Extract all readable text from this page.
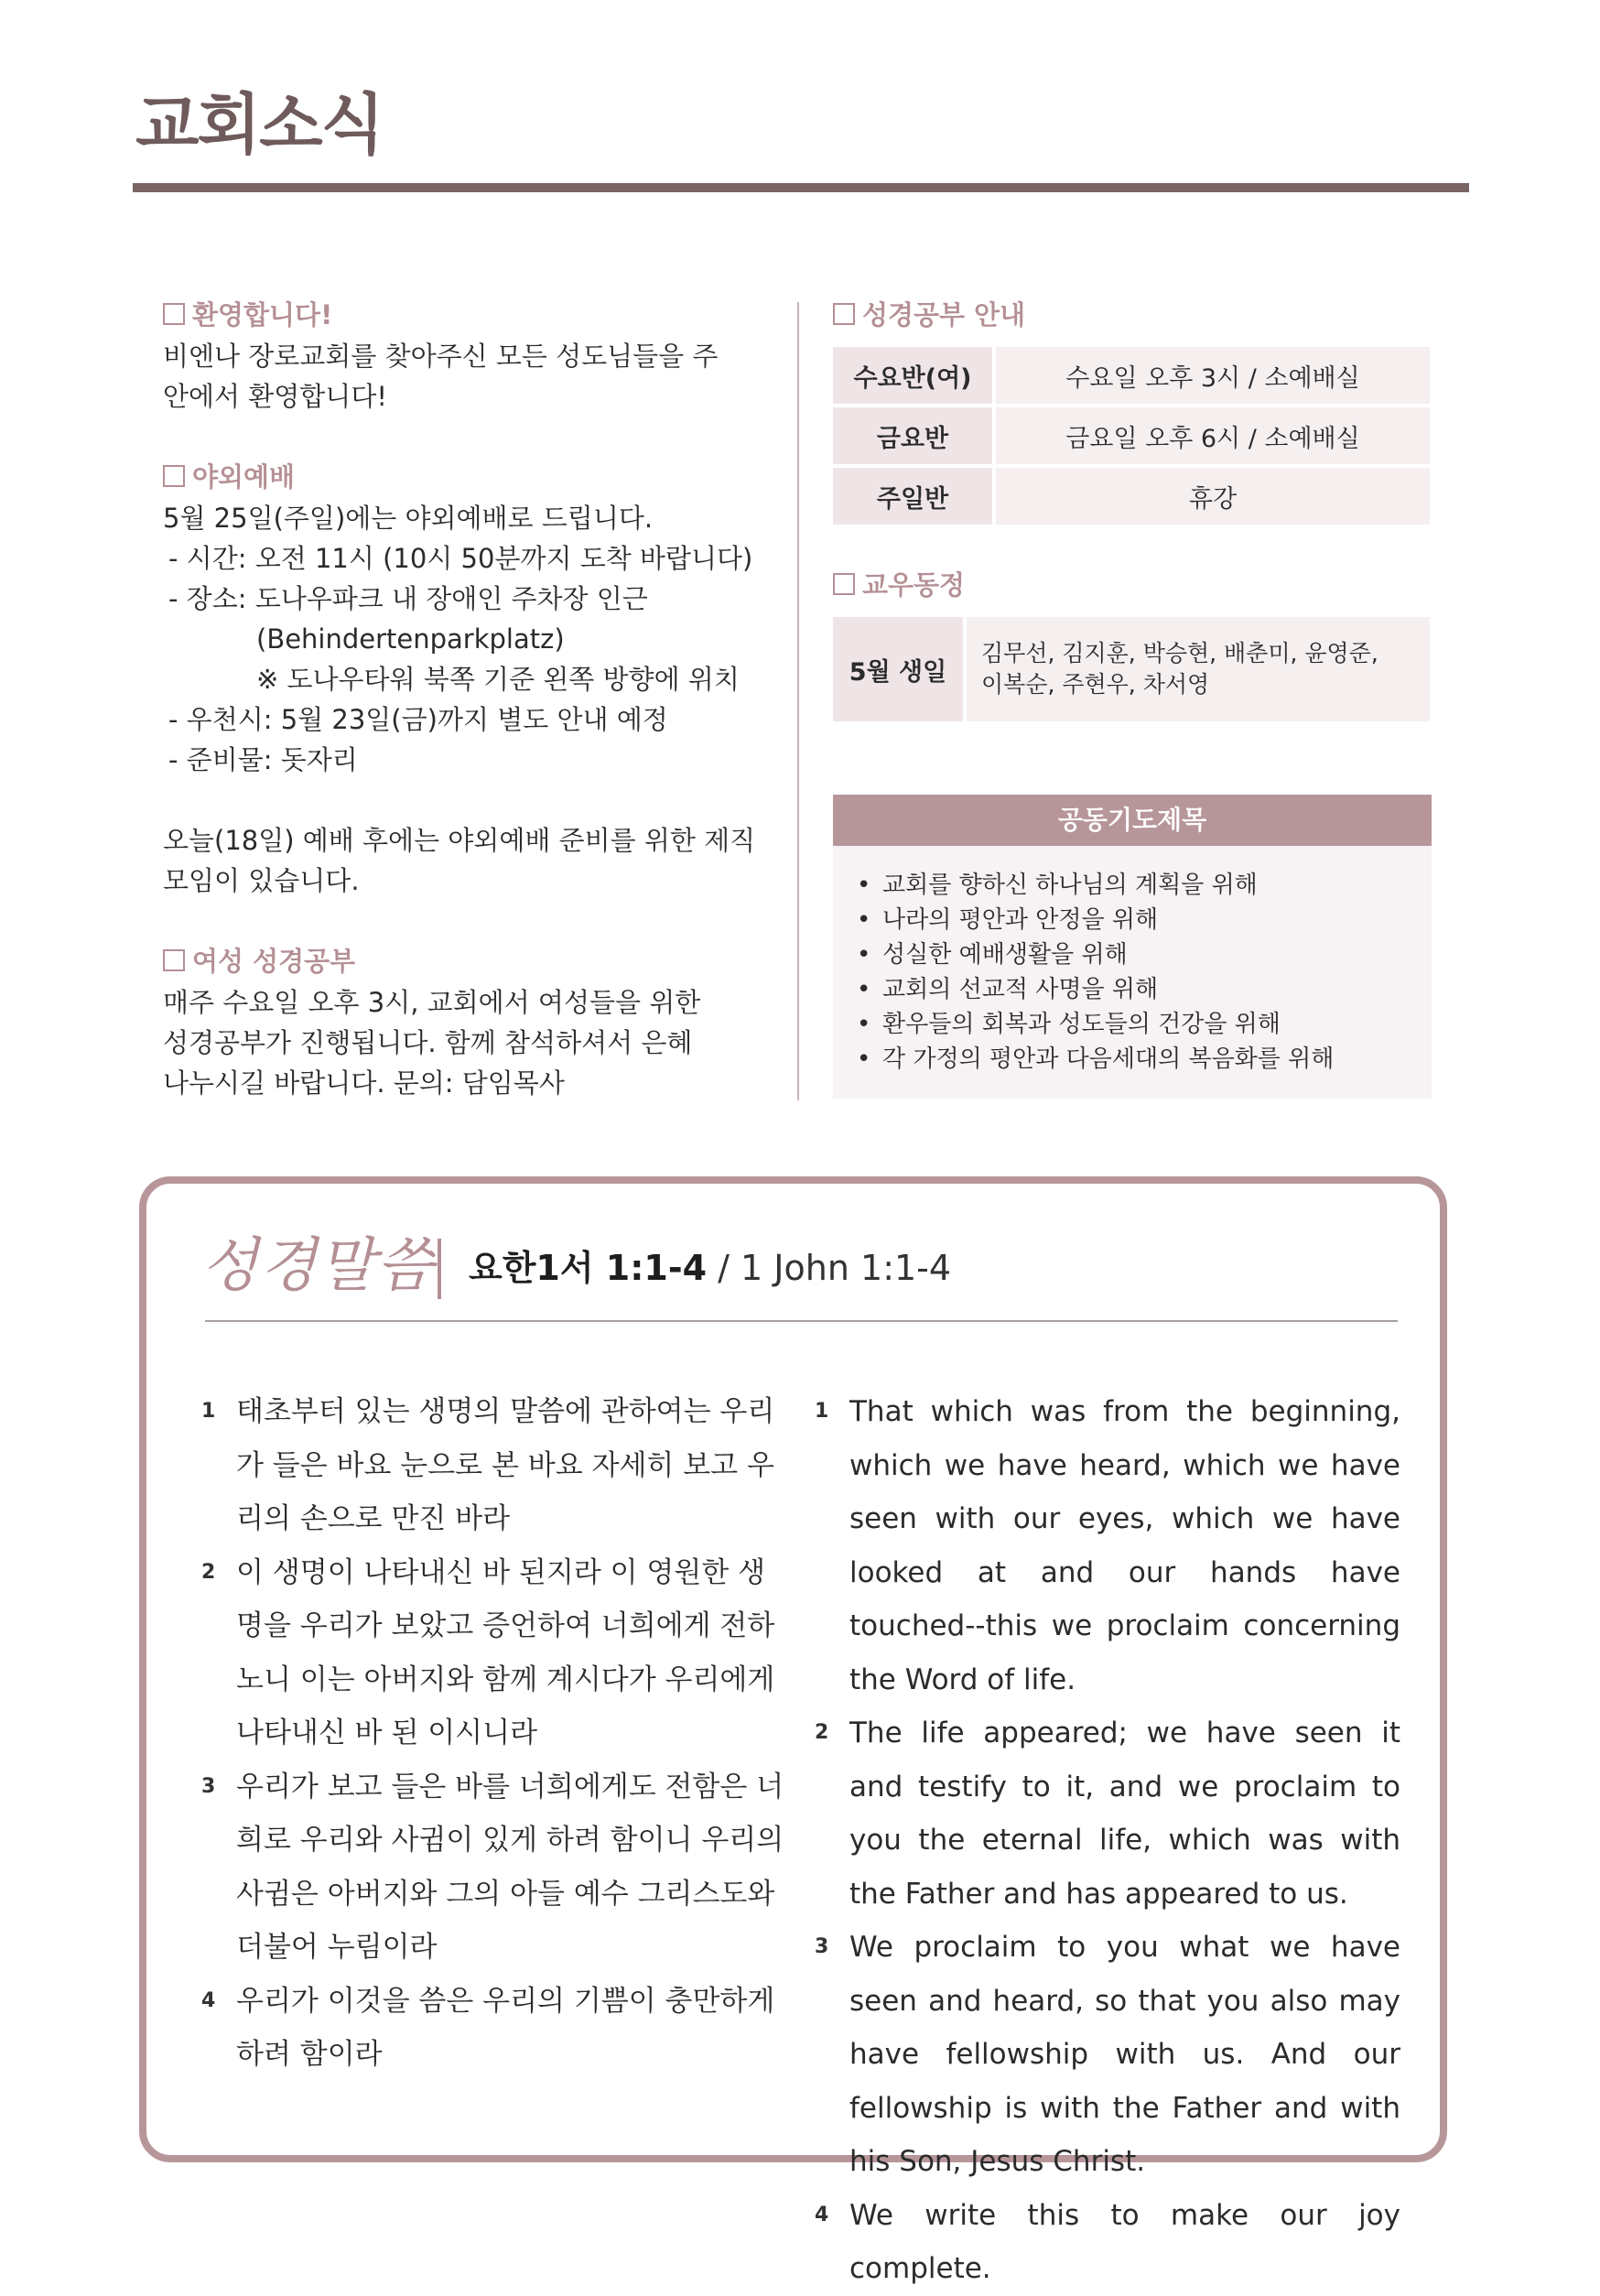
교회소식
환영합니다!
비엔나 장로교회를 찾아주신 모든 성도님들을 주
안에서 환영합니다!
야외예배
5월 25일(주일)에는 야외예배로 드립니다.
- 시간: 오전 11시 (10시 50분까지 도착 바랍니다)
- 장소: 도나우파크 내 장애인 주차장 인근
(Behindertenparkplatz)
※ 도나우타워 북쪽 기준 왼쪽 방향에 위치
- 우천시: 5월 23일(금)까지 별도 안내 예정
- 준비물: 돗자리
오늘(18일) 예배 후에는 야외예배 준비를 위한 제직
모임이 있습니다.
여성 성경공부
매주 수요일 오후 3시, 교회에서 여성들을 위한
성경공부가 진행됩니다. 함께 참석하셔서 은혜
나누시길 바랍니다. 문의: 담임목사
성경공부 안내
수요반(여)	수요일 오후 3시 / 소예배실
금요반	금요일 오후 6시 / 소예배실
주일반	휴강
교우동정
5월 생일	
김무선, 김지훈, 박승현, 배춘미, 윤영준,
이복순, 주현우, 차서영
공동기도제목
• 교회를 향하신 하나님의 계획을 위해
• 나라의 평안과 안정을 위해
• 성실한 예배생활을 위해
• 교회의 선교적 사명을 위해
• 환우들의 회복과 성도들의 건강을 위해
• 각 가정의 평안과 다음세대의 복음화를 위해
성경말씀 요한1서 1:1-4 / 1 John 1:1-4
1 태초부터 있는 생명의 말씀에 관하여는 우리가 들은 바요 눈으로 본 바요 자세히 보고 우리의 손으로 만진 바라
2 이 생명이 나타내신 바 된지라 이 영원한 생명을 우리가 보았고 증언하여 너희에게 전하노니 이는 아버지와 함께 계시다가 우리에게 나타내신 바 된 이시니라
3 우리가 보고 들은 바를 너희에게도 전함은 너희로 우리와 사귐이 있게 하려 함이니 우리의 사귐은 아버지와 그의 아들 예수 그리스도와 더불어 누림이라
4 우리가 이것을 씀은 우리의 기쁨이 충만하게 하려 함이라
1 That which was from the beginning, which we have heard, which we have seen with our eyes, which we have looked at and our hands have touched--this we proclaim concerning the Word of life.
2 The life appeared; we have seen it and testify to it, and we proclaim to you the eternal life, which was with the Father and has appeared to us.
3 We proclaim to you what we have seen and heard, so that you also may have fellowship with us. And our fellowship is with the Father and with his Son, Jesus Christ.
4 We write this to make our joy complete.
